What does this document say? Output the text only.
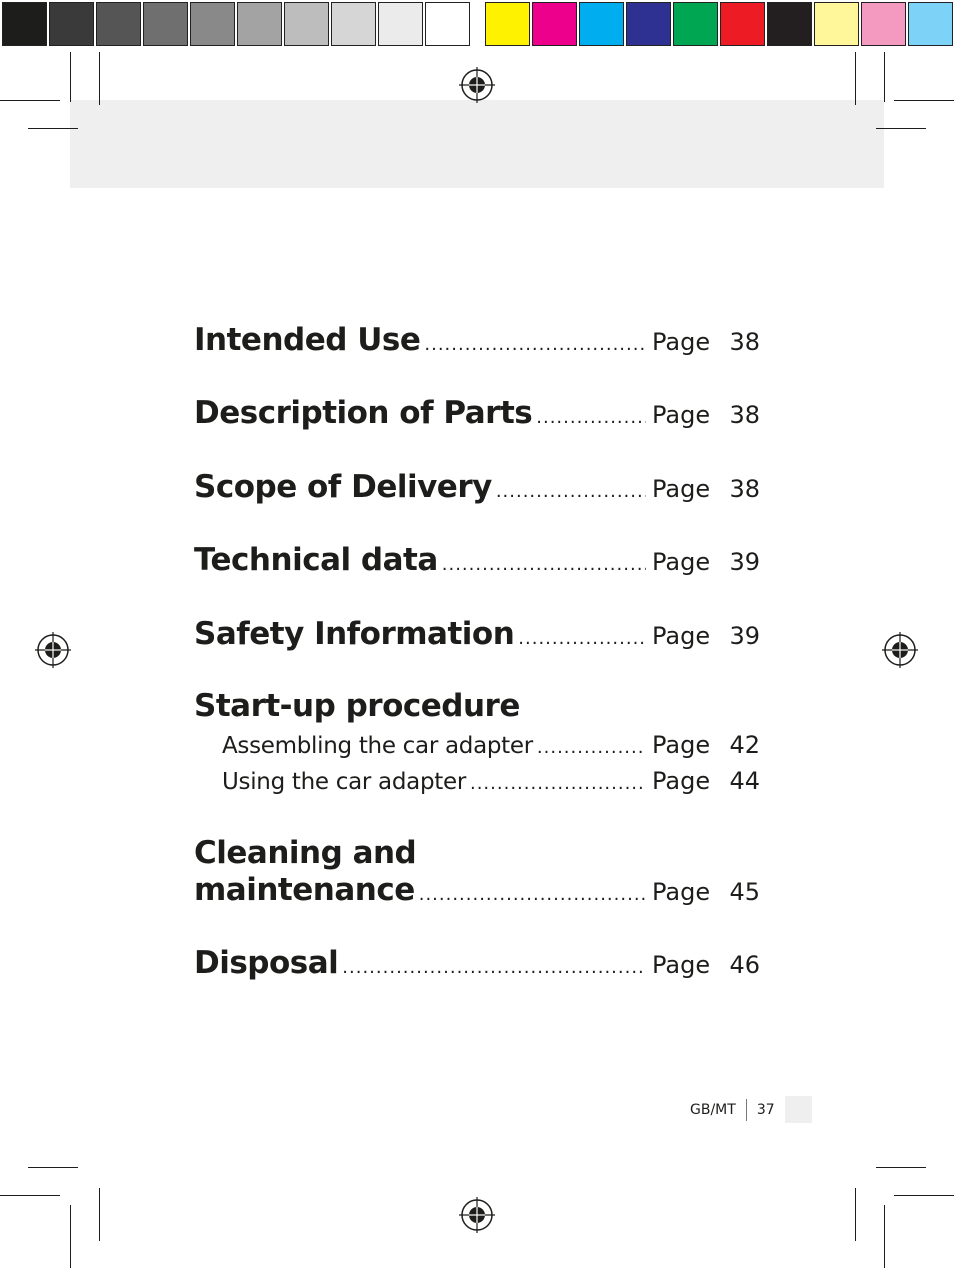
Intended Use .....	Page 38
Description of Parts .....	Page 38
Scope of Delivery .....	Page 38
Technical data .....	Page 39
Safety Information .....	Page 39
Start-up procedure
Assembling the car adapter .....	Page 42
Using the car adapter .....	Page 44
Cleaning and
maintenance .....	Page 45
Disposal .....	Page 46
GB/MT 37
